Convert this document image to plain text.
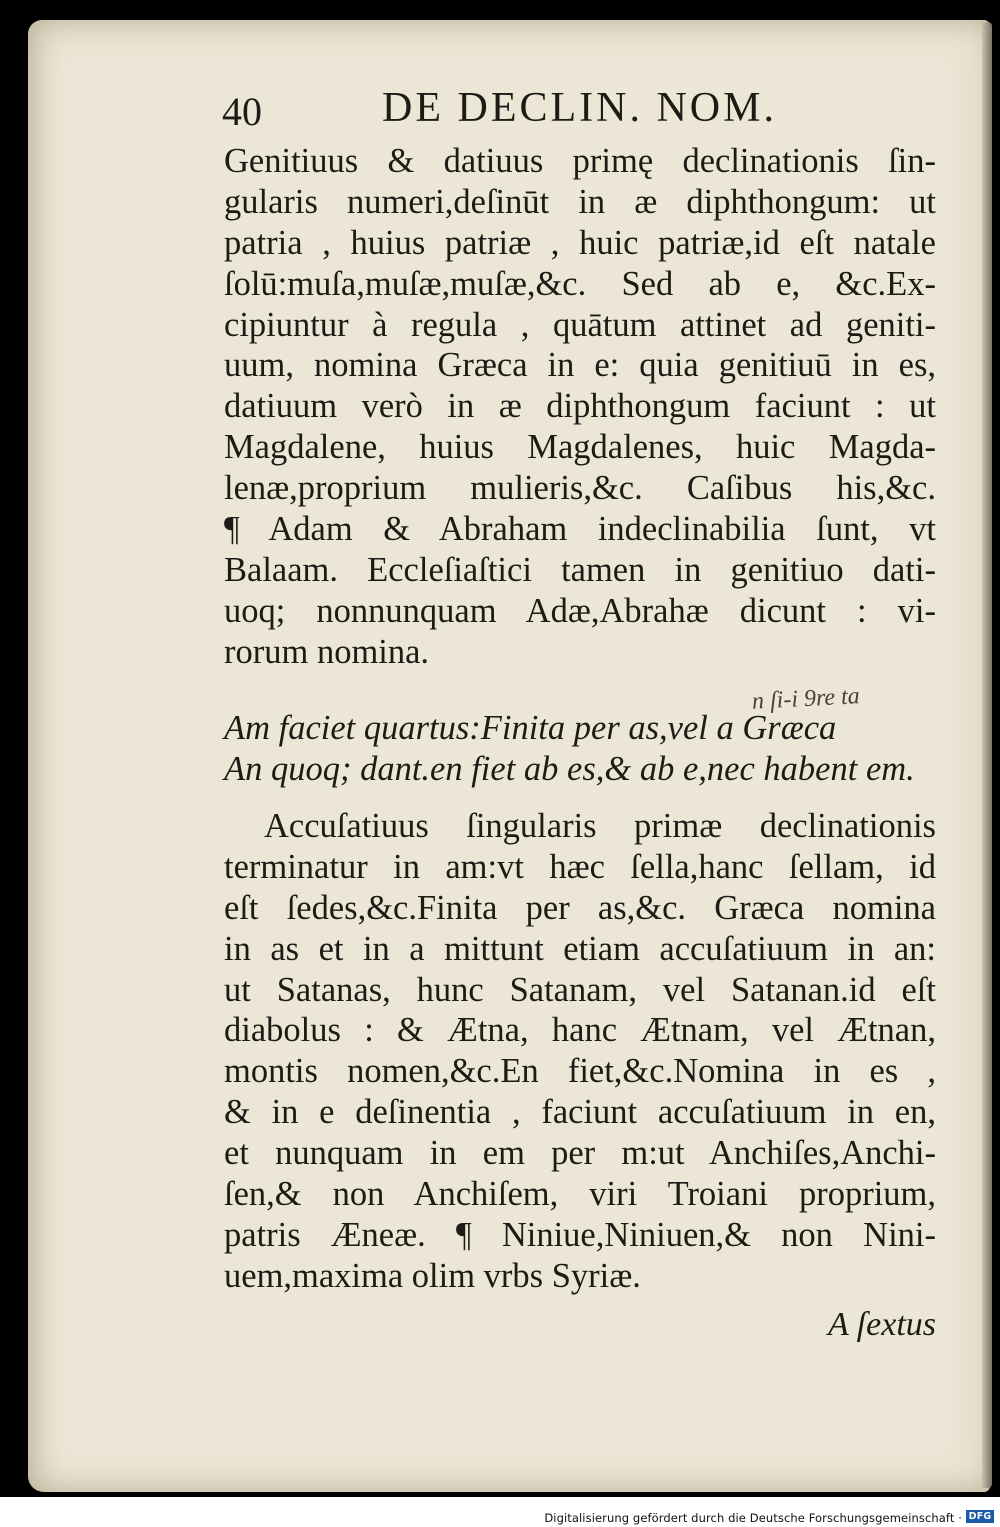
40	DE DECLIN. NOM.
Genitiuus & datiuus primę declinationis ſin-
gularis numeri,deſinūt in æ diphthongum: ut
patria , huius patriæ , huic patriæ,id eſt natale
ſolū:muſa,muſæ,muſæ,&c. Sed ab e, &c.Ex-
cipiuntur à regula , quātum attinet ad geniti-
uum, nomina Græca in e: quia genitiuū in es,
datiuum verò in æ diphthongum faciunt : ut
Magdalene, huius Magdalenes, huic Magda-
lenæ,proprium mulieris,&c. Caſibus his,&c.
¶ Adam & Abraham indeclinabilia ſunt, vt
Balaam. Eccleſiaſtici tamen in genitiuo dati-
uoq; nonnunquam Adæ,Abrahæ dicunt : vi-
rorum nomina.
n ſi-i 9re ta
Am faciet quartus:Finita per as,vel a Græca
An quoq; dant.en fiet ab es,& ab e,nec habent em.
Accuſatiuus ſingularis primæ declinationis
terminatur in am:vt hæc ſella,hanc ſellam, id
eſt ſedes,&c.Finita per as,&c. Græca nomina
in as et in a mittunt etiam accuſatiuum in an:
ut Satanas, hunc Satanam, vel Satanan.id eſt
diabolus : & Ætna, hanc Ætnam, vel Ætnan,
montis nomen,&c.En fiet,&c.Nomina in es ,
& in e deſinentia , faciunt accuſatiuum in en,
et nunquam in em per m:ut Anchiſes,Anchi-
ſen,& non Anchiſem, viri Troiani proprium,
patris Æneæ. ¶ Niniue,Niniuen,& non Nini-
uem,maxima olim vrbs Syriæ.
A ſextus
Digitalisierung gefördert durch die Deutsche Forschungsgemeinschaft · DFG
